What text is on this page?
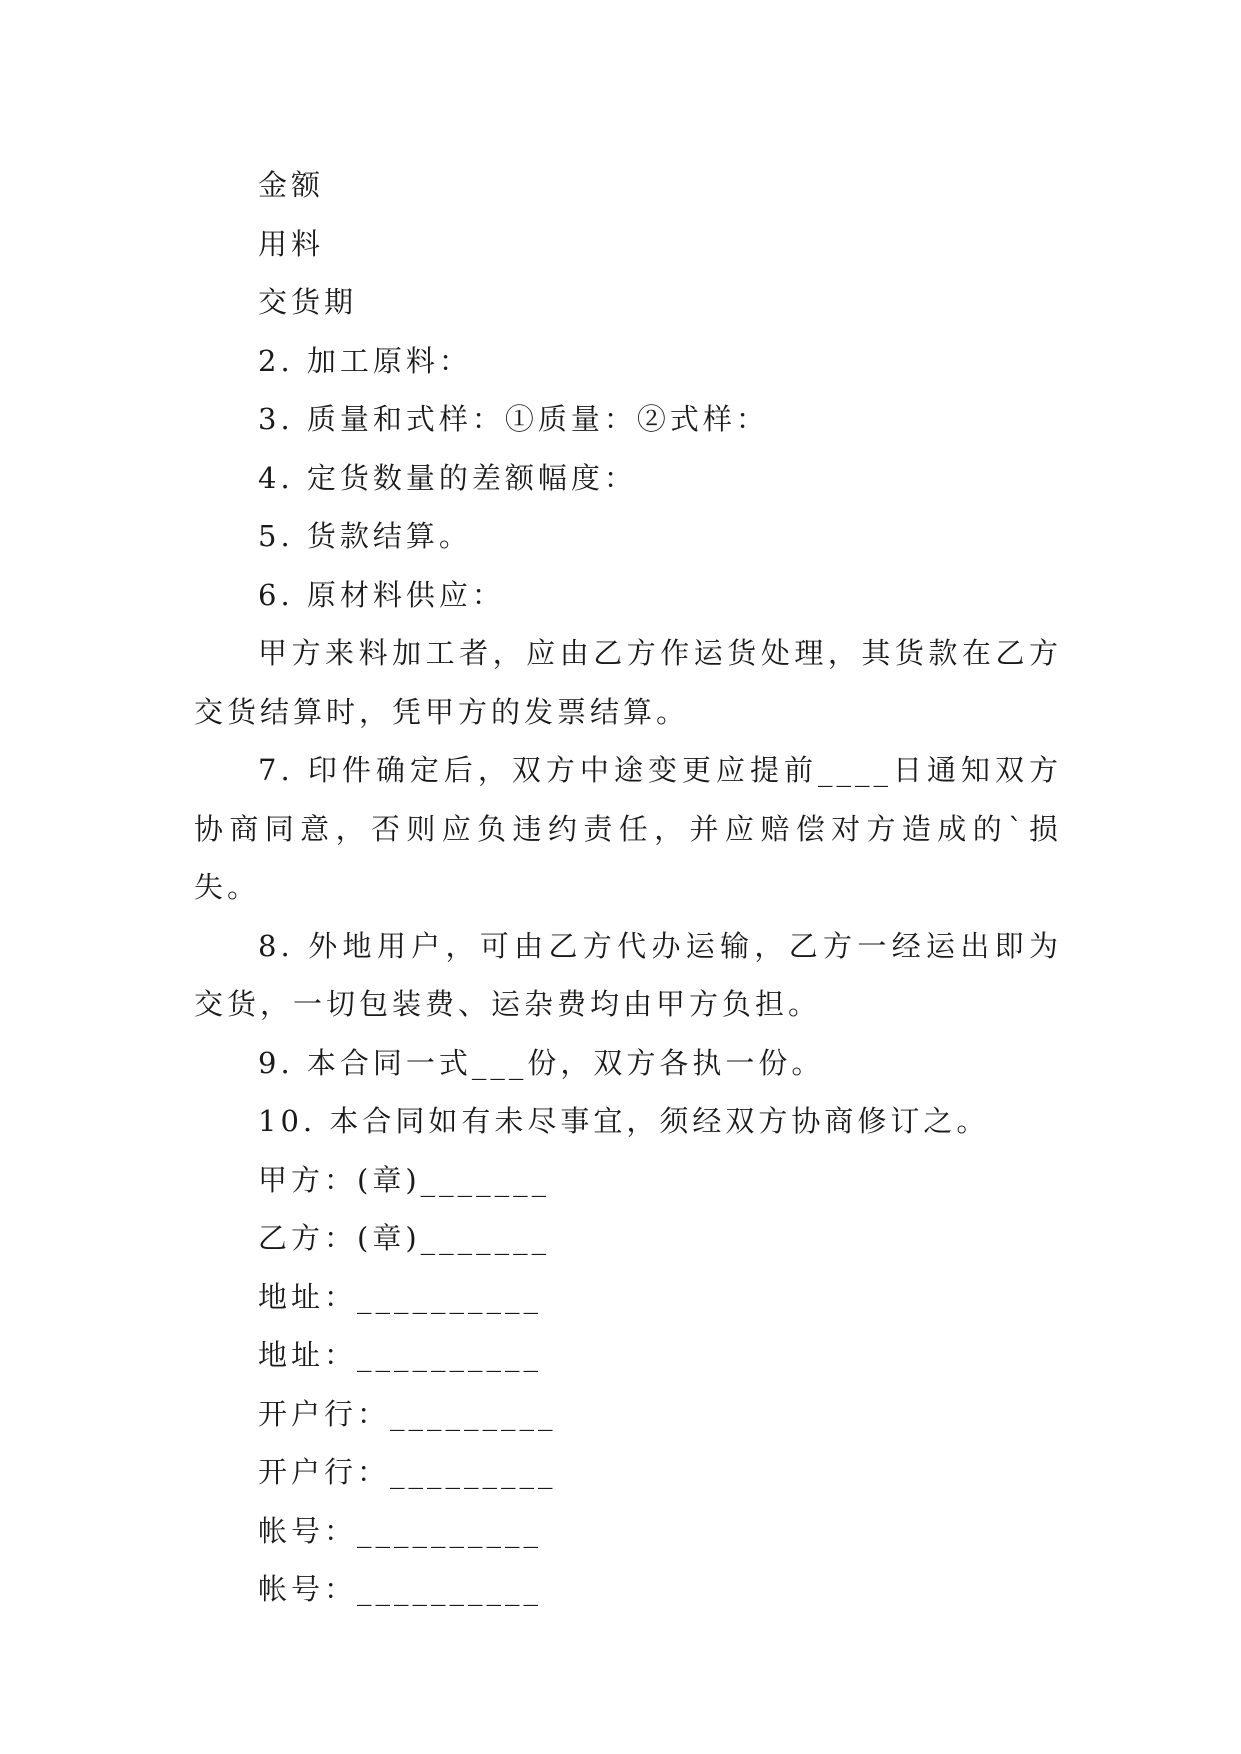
金额

用料

交货期

2. 加工原料：

3. 质量和式样：①质量：②式样：

4. 定货数量的差额幅度：

5. 货款结算。

6. 原材料供应：

甲方来料加工者，应由乙方作运货处理，其货款在乙方交货结算时，凭甲方的发票结算。

7. 印件确定后，双方中途变更应提前____日通知双方协商同意，否则应负违约责任，并应赔偿对方造成的`损失。

8. 外地用户，可由乙方代办运输，乙方一经运出即为交货，一切包装费、运杂费均由甲方负担。

9. 本合同一式___份，双方各执一份。

10. 本合同如有未尽事宜，须经双方协商修订之。

甲方：(章)_______

乙方：(章)_______

地址：__________

地址：__________

开户行：_________

开户行：_________

帐号：__________

帐号：__________
